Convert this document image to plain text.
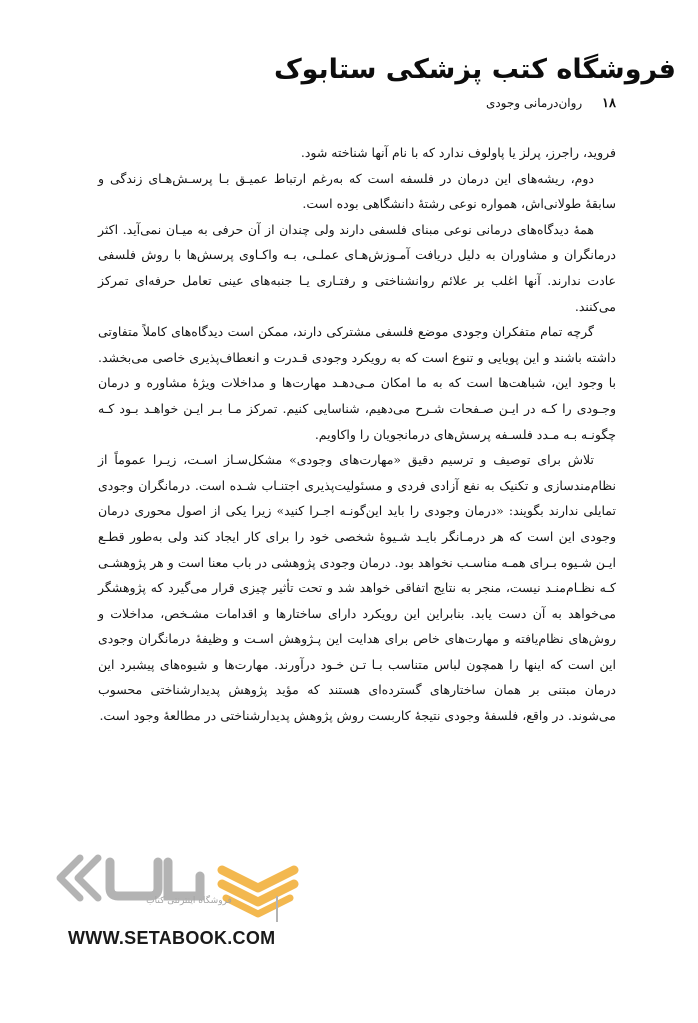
فروشگاه کتب پزشکی ستابوک
۱۸ روان‌درمانی وجودی

فروید، راجرز، پرلز یا پاولوف ندارد که با نام آنها شناخته شود.

دوم، ریشه‌های این درمان در فلسفه است که به‌رغم ارتباط عمیـق بـا پرسـش‌هـای زندگی و سابقهٔ طولانی‌اش، همواره نوعی رشتهٔ دانشگاهی بوده است.

همهٔ دیدگاه‌های درمانی نوعی مبنای فلسفی دارند ولی چندان از آن حرفی به میـان نمی‌آید. اکثر درمانگران و مشاوران به دلیل دریافت آمـوزش‌هـای عملـی، بـه واکـاوی پرسش‌ها با روش فلسفی عادت ندارند. آنها اغلب بر علائم روانشناختی و رفتـاری یـا جنبه‌های عینی تعامل حرفه‌ای تمرکز می‌کنند.

گرچه تمام متفکران وجودی موضع فلسفی مشترکی دارند، ممکن است دیدگاه‌های کاملاً متفاوتی داشته باشند و این پویایی و تنوع است که به رویکرد وجودی قـدرت و انعطاف‌پذیری خاصی می‌بخشد. با وجود این، شباهت‌ها است که به ما امکان مـی‌دهـد مهارت‌ها و مداخلات ویژهٔ مشاوره و درمان وجـودی را کـه در ایـن صـفحات شـرح می‌دهیم، شناسایی کنیم. تمرکز مـا بـر ایـن خواهـد بـود کـه چگونـه بـه مـدد فلسـفه پرسش‌های درمانجویان را واکاویم.

تلاش برای توصیف و ترسیم دقیق «مهارت‌های وجودی» مشکل‌سـاز اسـت، زیـرا عموماً از نظام‌مندسازی و تکنیک به نفع آزادی فردی و مسئولیت‌پذیری اجتنـاب شـده است. درمانگران وجودی تمایلی ندارند بگویند: «درمان وجودی را باید این‌گونـه اجـرا کنید» زیرا یکی از اصول محوری درمان وجودی این است که هر درمـانگر بایـد شـیوهٔ شخصی خود را برای کار ایجاد کند ولی به‌طور قطـع ایـن شـیوه بـرای همـه مناسـب نخواهد بود. درمان وجودی پژوهشی در باب معنا است و هر پژوهشـی کـه نظـام‌منـد نیست، منجر به نتایج اتفاقی خواهد شد و تحت تأثیر چیزی قرار می‌گیرد که پژوهشگر می‌خواهد به آن دست یابد. بنابراین این رویکرد دارای ساختارها و اقدامات مشـخص، مداخلات و روش‌های نظام‌یافته و مهارت‌های خاص برای هدایت این پـژوهش اسـت و وظیفهٔ درمانگران وجودی این است که اینها را همچون لباس متناسب بـا تـن خـود درآورند. مهارت‌ها و شیوه‌های پیشبرد این درمان مبتنی بر همان ساختارهای گسترده‌ای هستند که مؤید پژوهش پدیدارشناختی محسوب می‌شوند. در واقع، فلسفهٔ وجودی نتیجهٔ کاربست روش پژوهش پدیدارشناختی در مطالعهٔ وجود است.

فروشگاه اینترنتی کتاب
WWW.SETABOOK.COM
